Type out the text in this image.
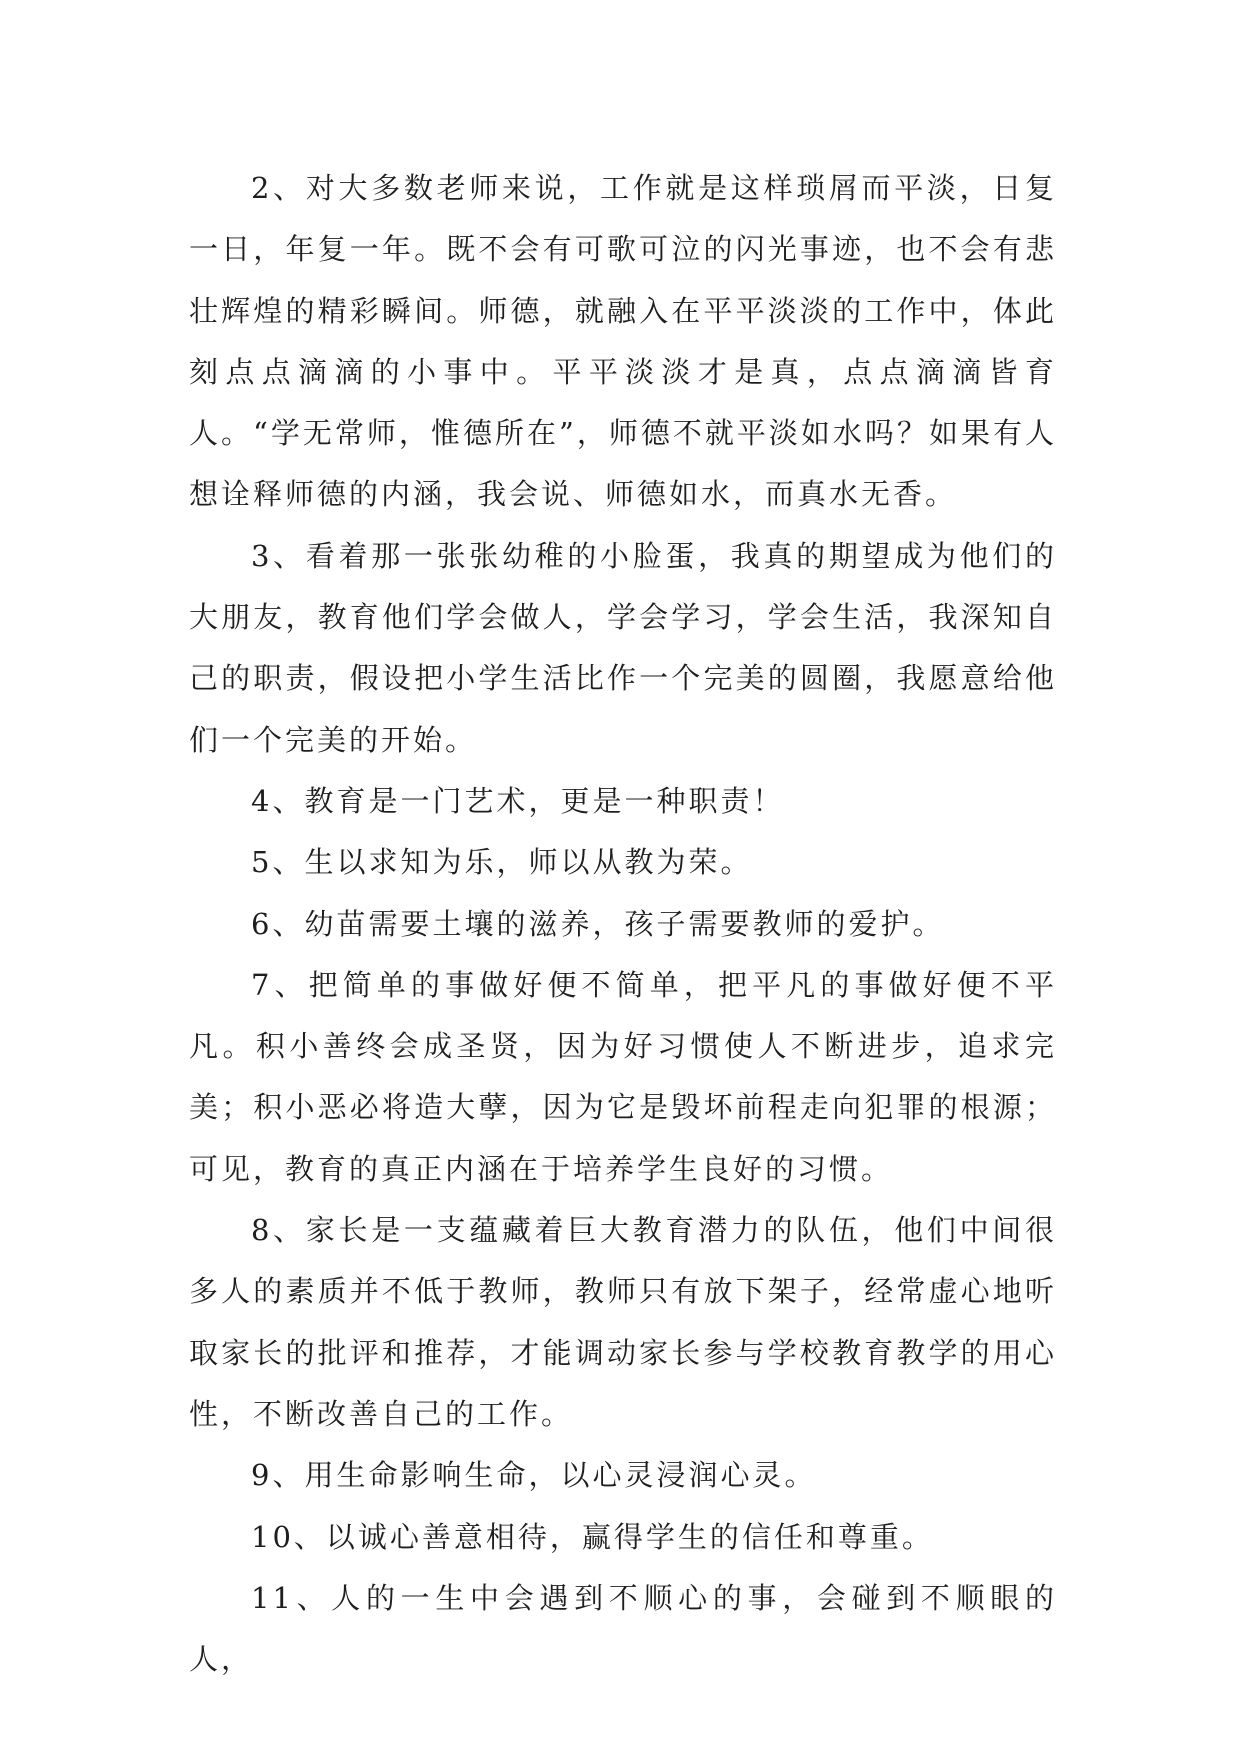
2、对大多数老师来说，工作就是这样琐屑而平淡，日复一日，年复一年。既不会有可歌可泣的闪光事迹，也不会有悲壮辉煌的精彩瞬间。师德，就融入在平平淡淡的工作中，体此刻点点滴滴的小事中。平平淡淡才是真，点点滴滴皆育人。“学无常师，惟德所在”，师德不就平淡如水吗？如果有人想诠释师德的内涵，我会说、师德如水，而真水无香。

3、看着那一张张幼稚的小脸蛋，我真的期望成为他们的大朋友，教育他们学会做人，学会学习，学会生活，我深知自己的职责，假设把小学生活比作一个完美的圆圈，我愿意给他们一个完美的开始。

4、教育是一门艺术，更是一种职责！

5、生以求知为乐，师以从教为荣。

6、幼苗需要土壤的滋养，孩子需要教师的爱护。

7、把简单的事做好便不简单，把平凡的事做好便不平凡。积小善终会成圣贤，因为好习惯使人不断进步，追求完美；积小恶必将造大孽，因为它是毁坏前程走向犯罪的根源；可见，教育的真正内涵在于培养学生良好的习惯。

8、家长是一支蕴藏着巨大教育潜力的队伍，他们中间很多人的素质并不低于教师，教师只有放下架子，经常虚心地听取家长的批评和推荐，才能调动家长参与学校教育教学的用心性，不断改善自己的工作。

9、用生命影响生命，以心灵浸润心灵。

10、以诚心善意相待，赢得学生的信任和尊重。

11、人的一生中会遇到不顺心的事，会碰到不顺眼的人，
